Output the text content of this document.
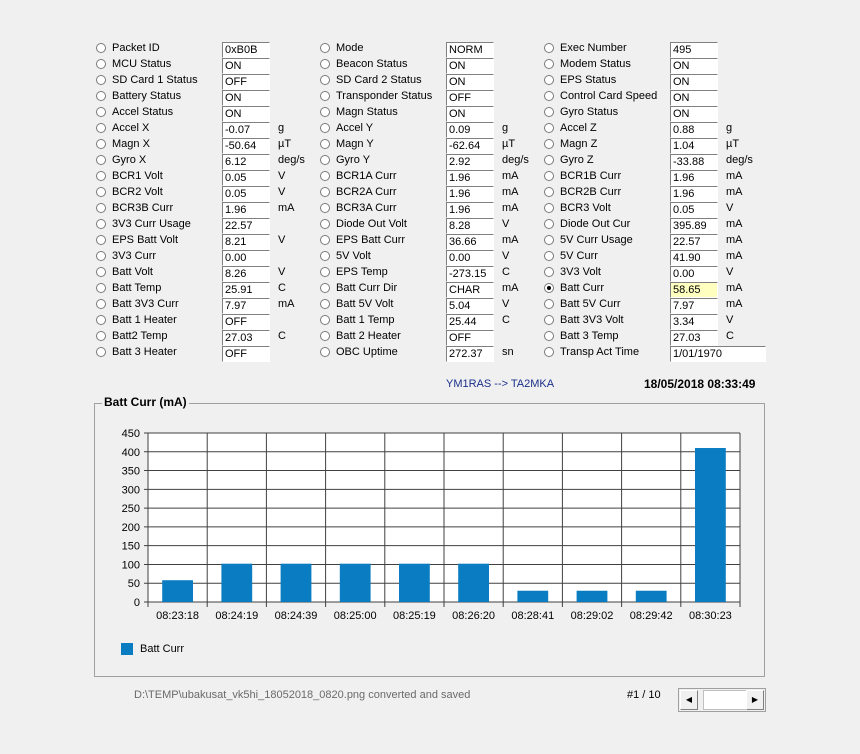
Packet ID	0xB0B
MCU Status	ON
SD Card 1 Status OFF
Battery Status	ON
Accel Status	ON
Accel X	-0.07	g
Magn X	-50.64	µT
Gyro X	6.12	deg/s
BCR1 Volt	0.05	V
BCR2 Volt	0.05	V
BCR3B Curr	1.96	mA
3V3 Curr Usage	22.57
EPS Batt Volt	8.21	V
3V3 Curr	0.00
Batt Volt	8.26	V
Batt Temp	25.91	C
Batt 3V3 Curr	7.97	mA
Batt 1 Heater	OFF
Batt2 Temp	27.03	C
Batt 3 Heater	OFF
Mode	NORM
Beacon Status	ON
SD Card 2 Status ON
Transponder Status OFF
Magn Status	ON
Accel Y	0.09	g
Magn Y	-62.64	µT
Gyro Y	2.92	deg/s
BCR1A Curr	1.96	mA
BCR2A Curr	1.96	mA
BCR3A Curr	1.96	mA
Diode Out Volt	8.28	V
EPS Batt Curr	36.66	mA
5V Volt	0.00	V
EPS Temp	-273.15	C
Batt Curr Dir	CHAR	mA
Batt 5V Volt	5.04	V
Batt 1 Temp	25.44	C
Batt 2 Heater	OFF
OBC Uptime	272.37	sn
Exec Number	495
Modem Status	ON
EPS Status	ON
Control Card Speed ON
Gyro Status	ON
Accel Z	0.88	g
Magn Z	1.04	µT
Gyro Z	-33.88	deg/s
BCR1B Curr	1.96	mA
BCR2B Curr	1.96	mA
BCR3 Volt	0.05	V
Diode Out Cur	395.89	mA
5V Curr Usage	22.57	mA
5V Curr	41.90	mA
3V3 Volt	0.00	V
Batt Curr	58.65	mA
Batt 5V Curr	7.97	mA
Batt 3V3 Volt	3.34	V
Batt 3 Temp	27.03	C
Transp Act Time	1/01/1970
YM1RAS --> TA2MKA	18/05/2018 08:33:49
Batt Curr (mA)
0
50
100
150
200
250
300
350
400
450
08:23:18 08:24:19 08:24:39 08:25:00 08:25:19 08:26:20 08:28:41 08:29:02 08:29:42 08:30:23
Batt Curr
D:\TEMP\ubakusat_vk5hi_18052018_0820.png converted and saved	#1 / 10	◀	▶
